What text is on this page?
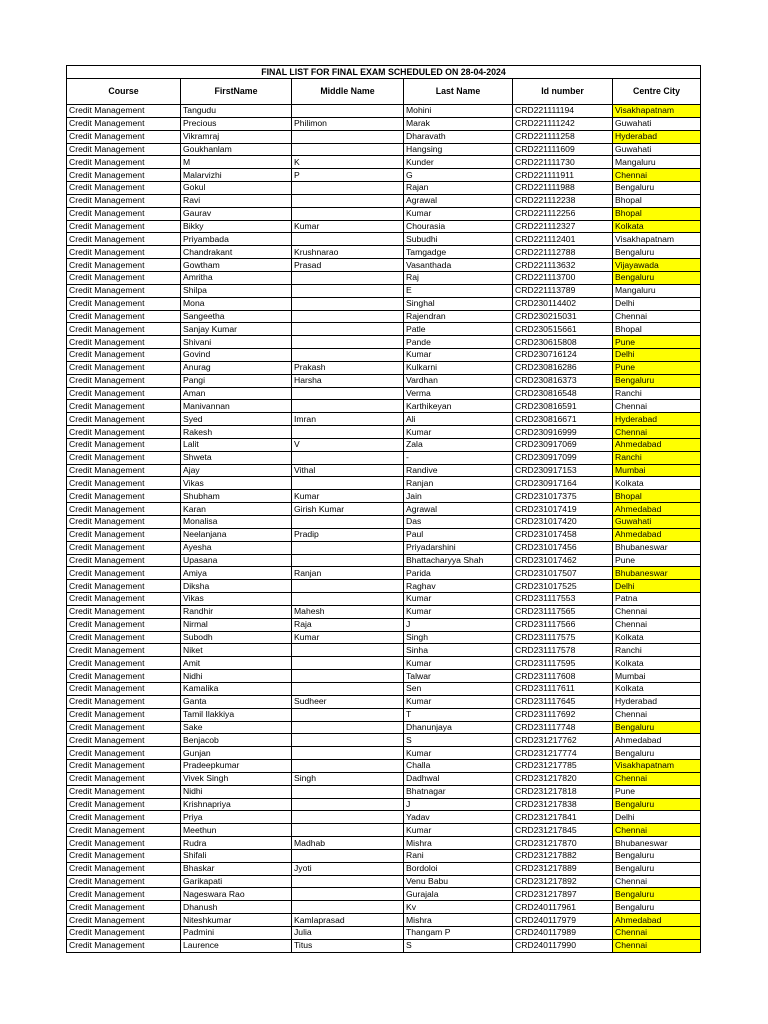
FINAL LIST FOR FINAL EXAM SCHEDULED ON 28-04-2024					
Course	FirstName	Middle Name	Last Name	Id number	Centre City
Credit Management	Tangudu		Mohini	CRD221111194	Visakhapatnam
Credit Management	Precious	Philimon	Marak	CRD221111242	Guwahati
Credit Management	Vikramraj		Dharavath	CRD221111258	Hyderabad
Credit Management	Goukhanlam		Hangsing	CRD221111609	Guwahati
Credit Management	M	K	Kunder	CRD221111730	Mangaluru
Credit Management	Malarvizhi	P	G	CRD221111911	Chennai
Credit Management	Gokul		Rajan	CRD221111988	Bengaluru
Credit Management	Ravi		Agrawal	CRD221112238	Bhopal
Credit Management	Gaurav		Kumar	CRD221112256	Bhopal
Credit Management	Bikky	Kumar	Chourasia	CRD221112327	Kolkata
Credit Management	Priyambada		Subudhi	CRD221112401	Visakhapatnam
Credit Management	Chandrakant	Krushnarao	Tamgadge	CRD221112788	Bengaluru
Credit Management	Gowtham	Prasad	Vasanthada	CRD221113632	Vijayawada
Credit Management	Amritha		Raj	CRD221113700	Bengaluru
Credit Management	Shilpa		E	CRD221113789	Mangaluru
Credit Management	Mona		Singhal	CRD230114402	Delhi
Credit Management	Sangeetha		Rajendran	CRD230215031	Chennai
Credit Management	Sanjay Kumar		Patle	CRD230515661	Bhopal
Credit Management	Shivani		Pande	CRD230615808	Pune
Credit Management	Govind		Kumar	CRD230716124	Delhi
Credit Management	Anurag	Prakash	Kulkarni	CRD230816286	Pune
Credit Management	Pangi	Harsha	Vardhan	CRD230816373	Bengaluru
Credit Management	Aman		Verma	CRD230816548	Ranchi
Credit Management	Manivannan		Karthikeyan	CRD230816591	Chennai
Credit Management	Syed	Imran	Ali	CRD230816671	Hyderabad
Credit Management	Rakesh		Kumar	CRD230916999	Chennai
Credit Management	Lalit	V	Zala	CRD230917069	Ahmedabad
Credit Management	Shweta		-	CRD230917099	Ranchi
Credit Management	Ajay	Vithal	Randive	CRD230917153	Mumbai
Credit Management	Vikas		Ranjan	CRD230917164	Kolkata
Credit Management	Shubham	Kumar	Jain	CRD231017375	Bhopal
Credit Management	Karan	Girish Kumar	Agrawal	CRD231017419	Ahmedabad
Credit Management	Monalisa		Das	CRD231017420	Guwahati
Credit Management	Neelanjana	Pradip	Paul	CRD231017458	Ahmedabad
Credit Management	Ayesha		Priyadarshini	CRD231017456	Bhubaneswar
Credit Management	Upasana		Bhattacharyya Shah	CRD231017462	Pune
Credit Management	Amiya	Ranjan	Parida	CRD231017507	Bhubaneswar
Credit Management	Diksha		Raghav	CRD231017525	Delhi
Credit Management	Vikas		Kumar	CRD231117553	Patna
Credit Management	Randhir	Mahesh	Kumar	CRD231117565	Chennai
Credit Management	Nirmal	Raja	J	CRD231117566	Chennai
Credit Management	Subodh	Kumar	Singh	CRD231117575	Kolkata
Credit Management	Niket		Sinha	CRD231117578	Ranchi
Credit Management	Amit		Kumar	CRD231117595	Kolkata
Credit Management	Nidhi		Talwar	CRD231117608	Mumbai
Credit Management	Kamalika		Sen	CRD231117611	Kolkata
Credit Management	Ganta	Sudheer	Kumar	CRD231117645	Hyderabad
Credit Management	Tamil Ilakkiya		T	CRD231117692	Chennai
Credit Management	Sake		Dhanunjaya	CRD231117748	Bengaluru
Credit Management	Benjacob		S	CRD231217762	Ahmedabad
Credit Management	Gunjan		Kumar	CRD231217774	Bengaluru
Credit Management	Pradeepkumar		Challa	CRD231217785	Visakhapatnam
Credit Management	Vivek Singh	Singh	Dadhwal	CRD231217820	Chennai
Credit Management	Nidhi		Bhatnagar	CRD231217818	Pune
Credit Management	Krishnapriya		J	CRD231217838	Bengaluru
Credit Management	Priya		Yadav	CRD231217841	Delhi
Credit Management	Meethun		Kumar	CRD231217845	Chennai
Credit Management	Rudra	Madhab	Mishra	CRD231217870	Bhubaneswar
Credit Management	Shifali		Rani	CRD231217882	Bengaluru
Credit Management	Bhaskar	Jyoti	Bordoloi	CRD231217889	Bengaluru
Credit Management	Garikapati		Venu Babu	CRD231217892	Chennai
Credit Management	Nageswara Rao		Gurajala	CRD231217897	Bengaluru
Credit Management	Dhanush		Kv	CRD240117961	Bengaluru
Credit Management	Niteshkumar	Kamlaprasad	Mishra	CRD240117979	Ahmedabad
Credit Management	Padmini	Julia	Thangam P	CRD240117989	Chennai
Credit Management	Laurence	Titus	S	CRD240117990	Chennai
